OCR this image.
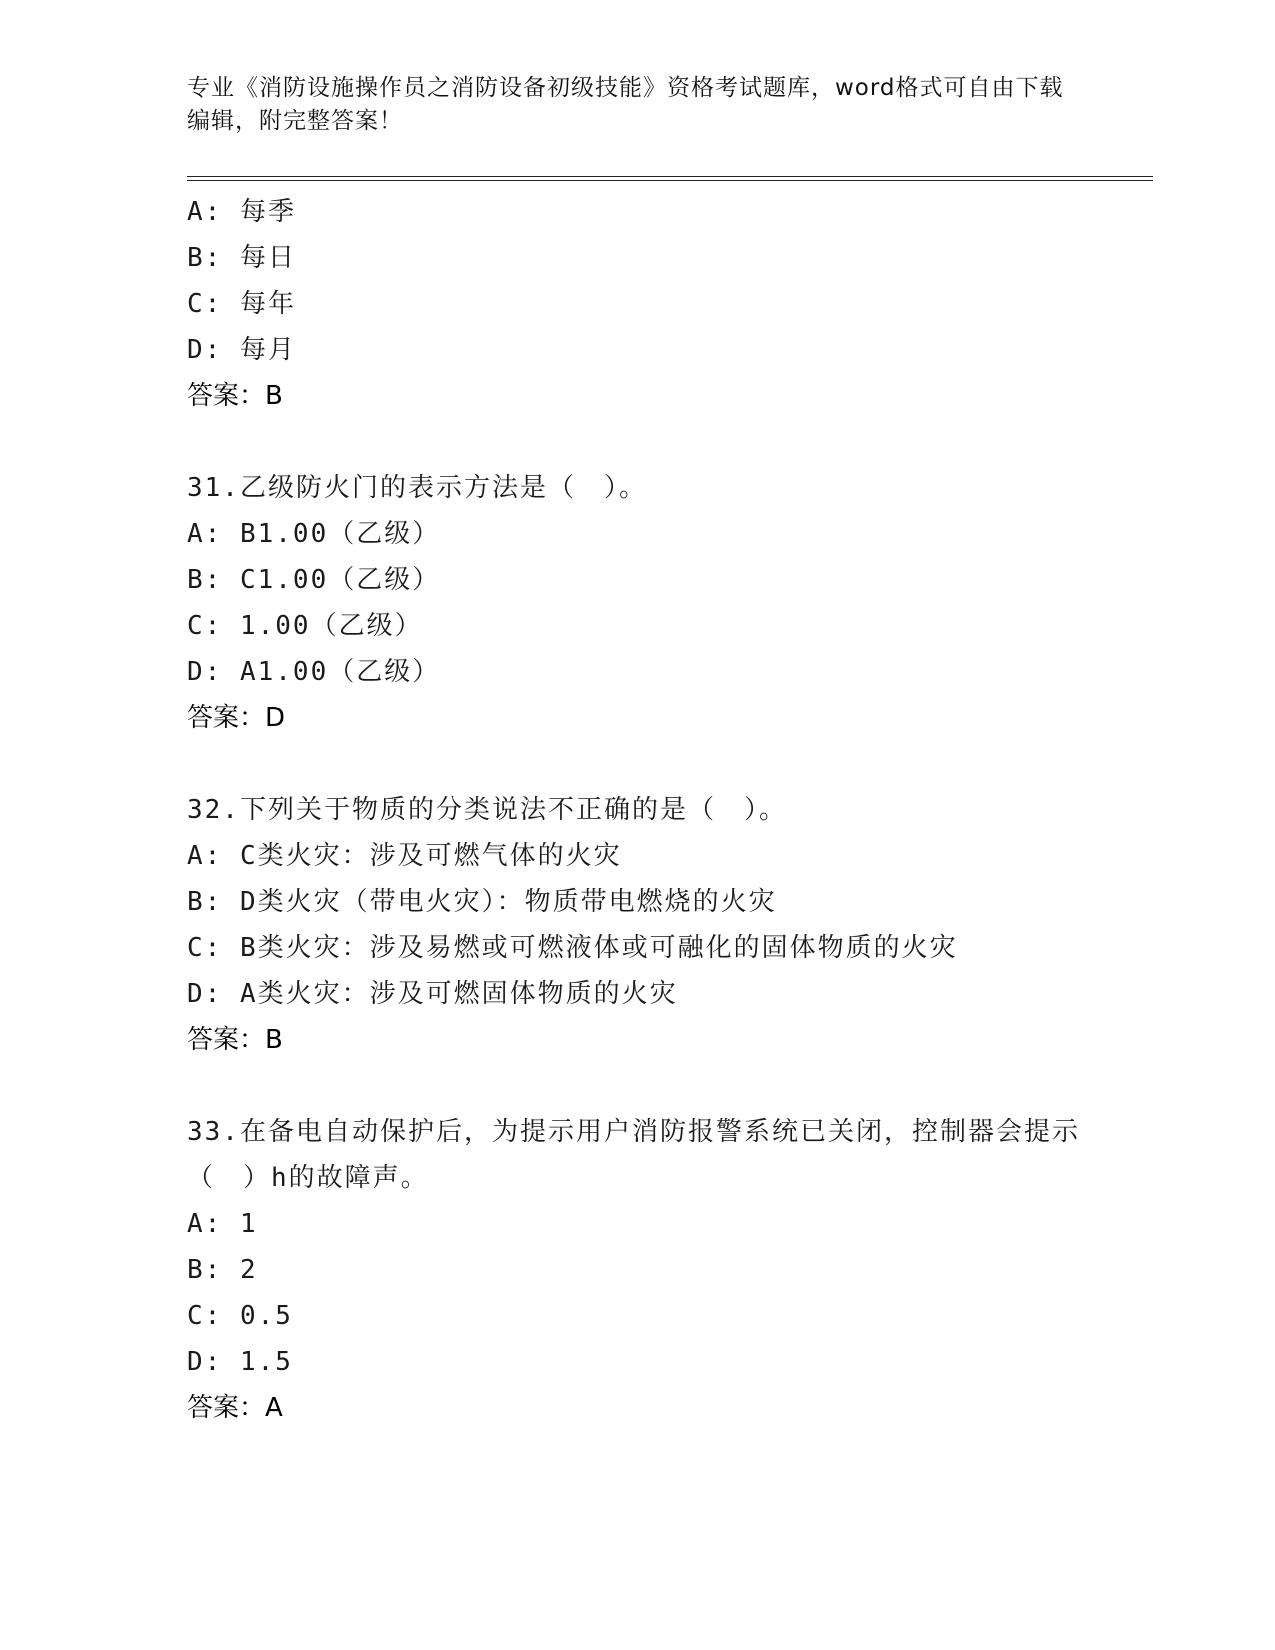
专业《消防设施操作员之消防设备初级技能》资格考试题库，word格式可自由下载编辑，附完整答案！
A: 每季
B: 每日
C: 每年
D: 每月
答案：B
31.乙级防火门的表示方法是（　）。
A: B1.00（乙级）
B: C1.00（乙级）
C: 1.00（乙级）
D: A1.00（乙级）
答案：D
32.下列关于物质的分类说法不正确的是（　）。
A: C类火灾：涉及可燃气体的火灾
B: D类火灾（带电火灾）：物质带电燃烧的火灾
C: B类火灾：涉及易燃或可燃液体或可融化的固体物质的火灾
D: A类火灾：涉及可燃固体物质的火灾
答案：B
33.在备电自动保护后，为提示用户消防报警系统已关闭，控制器会提示（　）h的故障声。
A: 1
B: 2
C: 0.5
D: 1.5
答案：A
